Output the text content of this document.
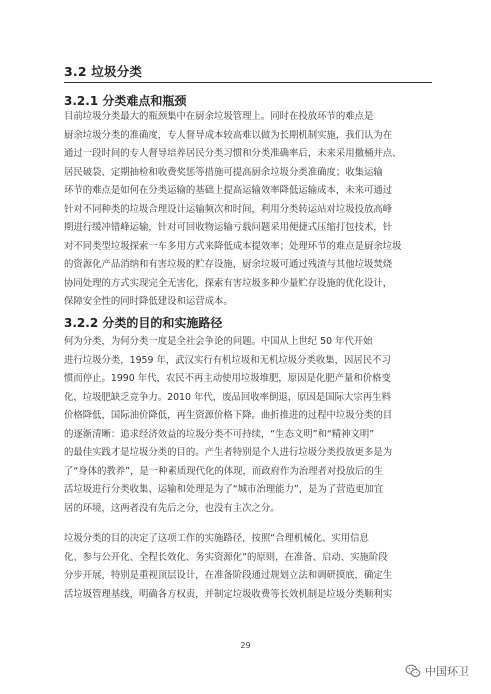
3.2 垃圾分类
3.2.1 分类难点和瓶颈

目前垃圾分类最大的瓶颈集中在厨余垃圾管理上。同时在投放环节的难点是

厨余垃圾分类的准确度，专人督导成本较高难以做为长期机制实施，我们认为在

通过一段时间的专人督导培养居民分类习惯和分类准确率后，未来采用撤桶并点、

居民破袋、定期抽检和收费奖惩等措施可提高厨余垃圾分类准确度；收集运输

环节的难点是如何在分类运输的基础上提高运输效率降低运输成本，未来可通过

针对不同种类的垃圾合理设计运输频次和时间，利用分类转运站对垃圾投放高峰

期进行缓冲错峰运输，针对可回收物运输亏载问题采用便捷式压缩打包技术，针

对不同类型垃圾探索一车多用方式来降低成本提效率；处理环节的难点是厨余垃圾

的资源化产品消纳和有害垃圾的贮存设施，厨余垃圾可通过残渣与其他垃圾焚烧

协同处理的方式实现完全无害化，探索有害垃圾多种少量贮存设施的优化设计，

保障安全性的同时降低建设和运营成本。

3.2.2 分类的目的和实施路径

何为分类，为何分类一度是全社会争论的问题。中国从上世纪 50 年代开始

进行垃圾分类，1959 年，武汉实行有机垃圾和无机垃圾分类收集，因居民不习

惯而停止。1990 年代，农民不再主动使用垃圾堆肥，原因是化肥产量和价格变

化，垃圾肥缺乏竞争力。2010 年代，废品回收率倒退，原因是国际大宗再生料

价格降低，国际油价降低，再生资源价格下降。曲折推进的过程中垃圾分类的目

的逐渐清晰：追求经济效益的垃圾分类不可持续，“生态文明”和“精神文明”

的最佳实践才是垃圾分类的目的。产生者特别是个人进行垃圾分类投放更多是为

了“身体的教养”，是一种素质现代化的体现，而政府作为治理者对投放后的生

活垃圾进行分类收集、运输和处理是为了“城市治理能力”，是为了营造更加宜

居的环境，这两者没有先后之分，也没有主次之分。

垃圾分类的目的决定了这项工作的实施路径，按照“合理机械化、实用信息

化、参与公开化、全程长效化、务实资源化”的原则，在准备、启动、实施阶段

分步开展，特别是重视顶层设计，在准备阶段通过规划立法和调研摸底，确定生

活垃圾管理基线，明确各方权责，并制定垃圾收费等长效机制是垃圾分类顺利实

29
中国环卫
